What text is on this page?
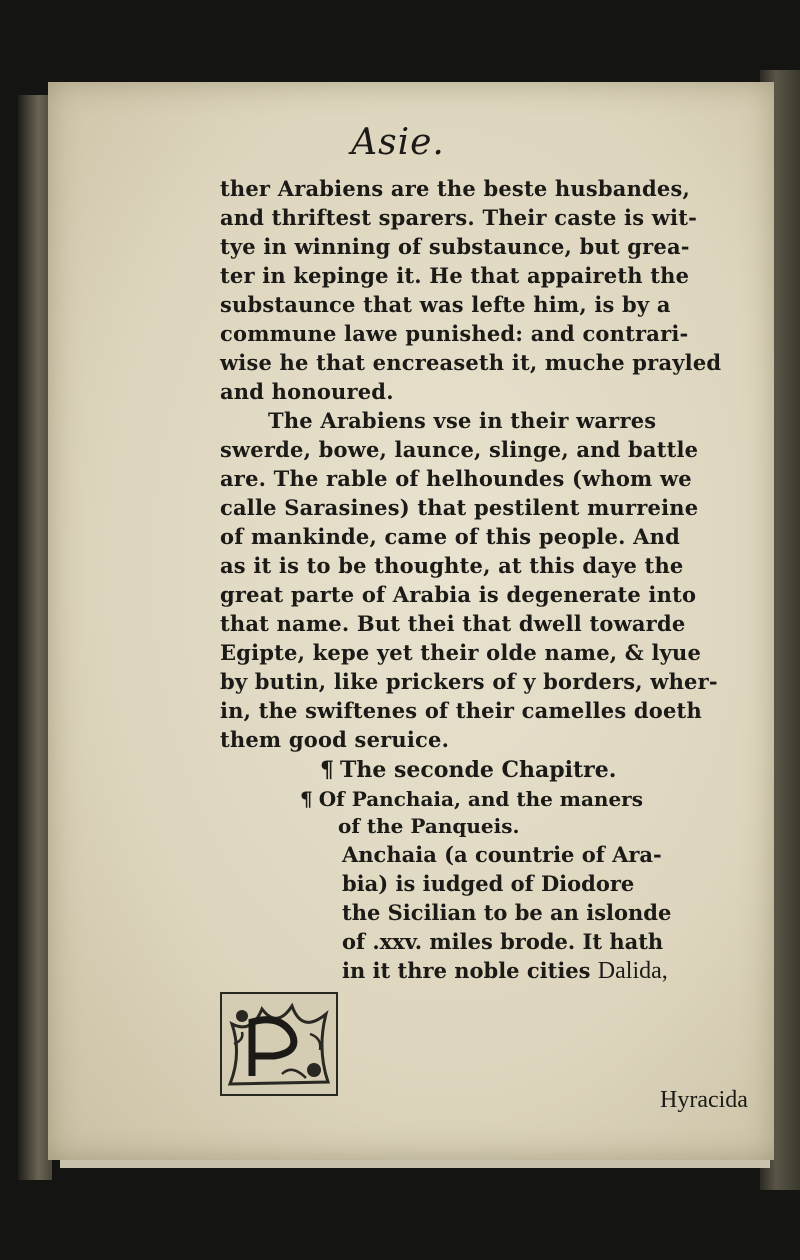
Asie.
ther Arabiens are the beste husbandes,
and thriftest sparers. Their caste is wit-
tye in winning of substaunce, but grea-
ter in kepinge it. He that appaireth the
substaunce that was lefte him, is by a
commune lawe punished: and contrari-
wise he that encreaseth it, muche prayled
and honoured.
The Arabiens vse in their warres
swerde, bowe, launce, slinge, and battle
are. The rable of helhoundes (whom we
calle Sarasines) that pestilent murreine
of mankinde, came of this people. And
as it is to be thoughte, at this daye the
great parte of Arabia is degenerate into
that name. But thei that dwell towarde
Egipte, kepe yet their olde name, & lyue
by butin, like prickers of y borders, wher-
in, the swiftenes of their camelles doeth
them good seruice.
¶ The seconde Chapitre.
¶ Of Panchaia, and the maners
of the Panqueis.
Anchaia (a countrie of Ara-
bia) is iudged of Diodore
the Sicilian to be an islonde
of .xxv. miles brode. It hath
in it thre noble cities Dalida,
Hyracida
